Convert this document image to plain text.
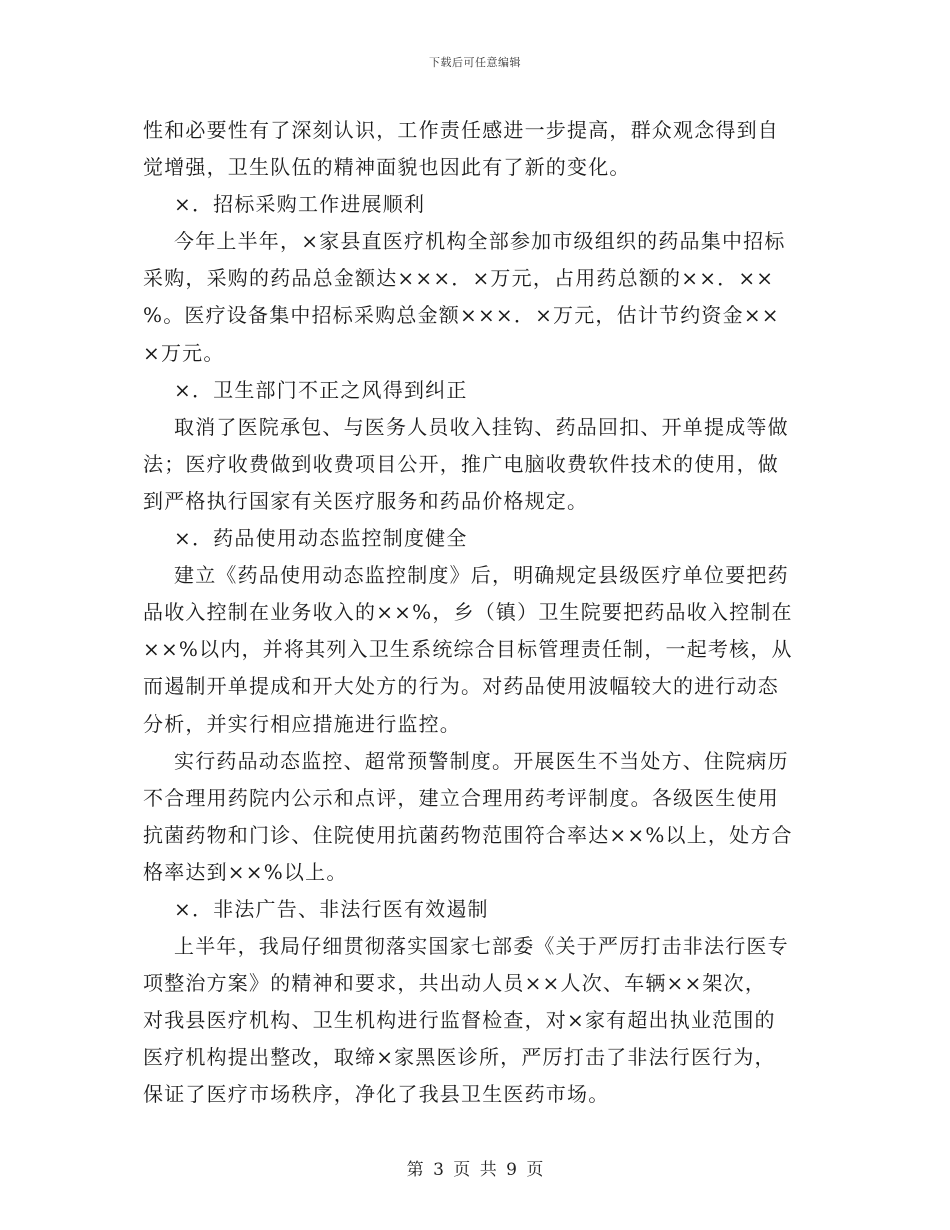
下载后可任意编辑
性和必要性有了深刻认识，工作责任感进一步提高，群众观念得到自
觉增强，卫生队伍的精神面貌也因此有了新的变化。
×．招标采购工作进展顺利
今年上半年，×家县直医疗机构全部参加市级组织的药品集中招标
采购，采购的药品总金额达×××．×万元，占用药总额的××．××
%。医疗设备集中招标采购总金额×××．×万元，估计节约资金××
×万元。
×．卫生部门不正之风得到纠正
取消了医院承包、与医务人员收入挂钩、药品回扣、开单提成等做
法；医疗收费做到收费项目公开，推广电脑收费软件技术的使用，做
到严格执行国家有关医疗服务和药品价格规定。
×．药品使用动态监控制度健全
建立《药品使用动态监控制度》后，明确规定县级医疗单位要把药
品收入控制在业务收入的××%，乡（镇）卫生院要把药品收入控制在
××%以内，并将其列入卫生系统综合目标管理责任制，一起考核，从
而遏制开单提成和开大处方的行为。对药品使用波幅较大的进行动态
分析，并实行相应措施进行监控。
实行药品动态监控、超常预警制度。开展医生不当处方、住院病历
不合理用药院内公示和点评，建立合理用药考评制度。各级医生使用
抗菌药物和门诊、住院使用抗菌药物范围符合率达××%以上，处方合
格率达到××%以上。
×．非法广告、非法行医有效遏制
上半年，我局仔细贯彻落实国家七部委《关于严厉打击非法行医专
项整治方案》的精神和要求，共出动人员××人次、车辆××架次，
对我县医疗机构、卫生机构进行监督检查，对×家有超出执业范围的
医疗机构提出整改，取缔×家黑医诊所，严厉打击了非法行医行为，
保证了医疗市场秩序，净化了我县卫生医药市场。
第 3 页 共 9 页
